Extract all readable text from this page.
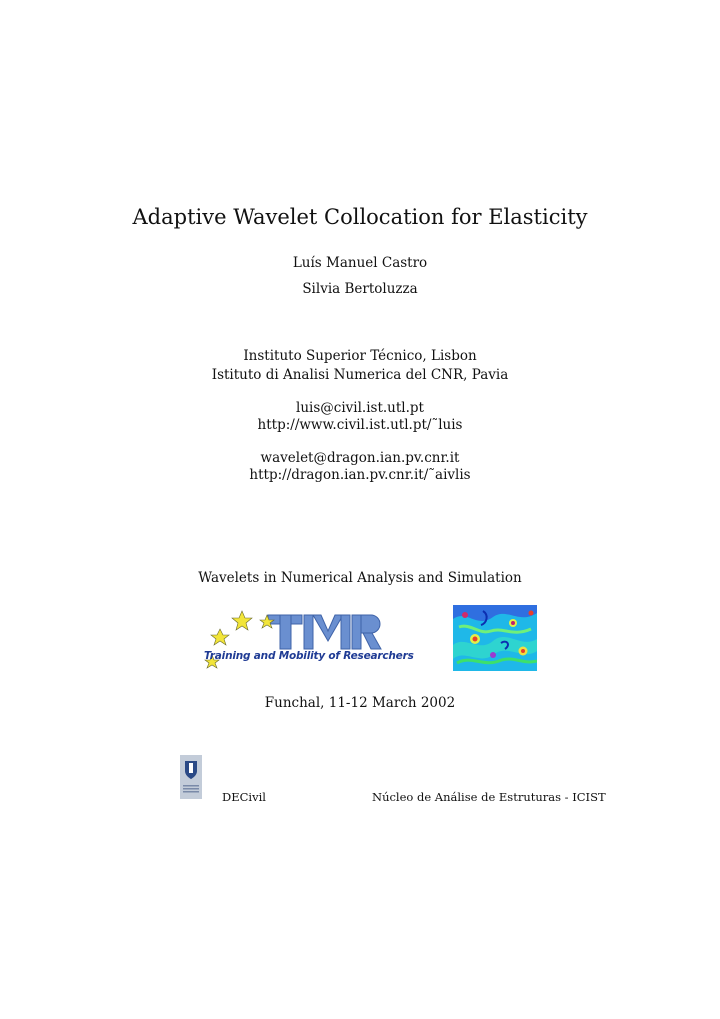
Adaptive Wavelet Collocation for Elasticity
Luís Manuel Castro
Silvia Bertoluzza
Instituto Superior Técnico, Lisbon
Istituto di Analisi Numerica del CNR, Pavia
luis@civil.ist.utl.pt
http://www.civil.ist.utl.pt/˜luis
wavelet@dragon.ian.pv.cnr.it
http://dragon.ian.pv.cnr.it/˜aivlis
Wavelets in Numerical Analysis and Simulation
Training and Mobility of Researchers
Funchal, 11-12 March 2002
DECivil	Núcleo de Análise de Estruturas - ICIST
